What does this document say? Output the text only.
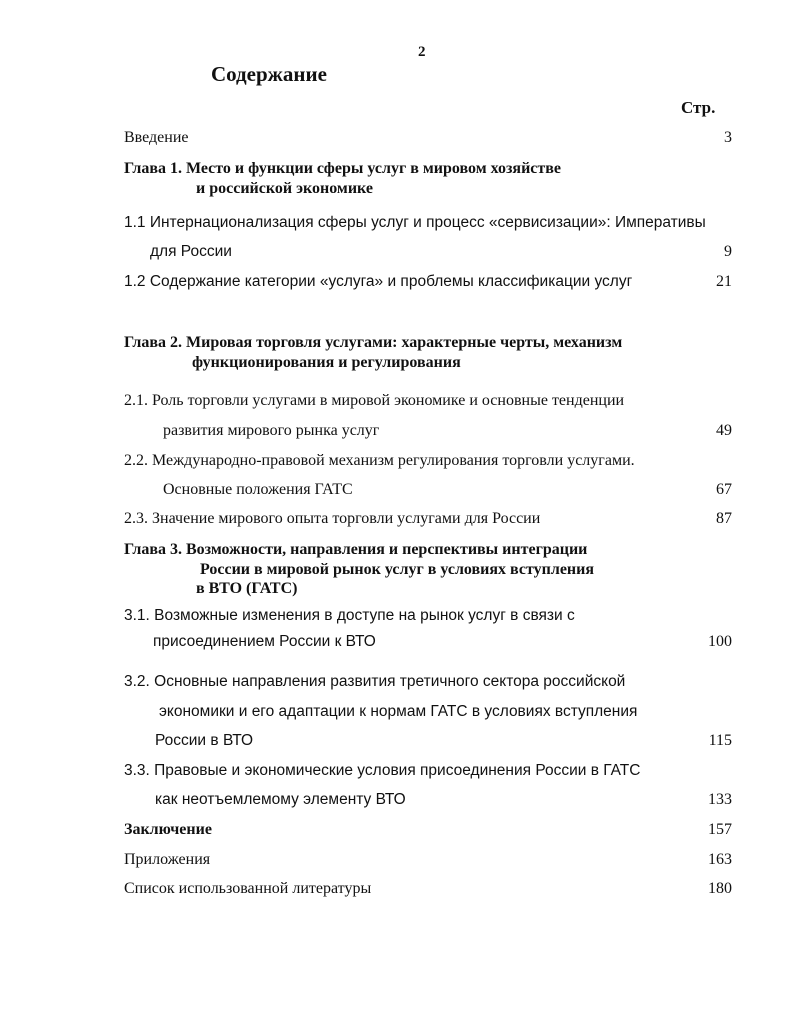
2
Содержание
Стр.
Введение	3
Глава 1. Место и функции сферы услуг в мировом хозяйстве
и российской экономике
1.1 Интернационализация сферы услуг и процесс «сервисизации»: Императивы
для России	9
1.2 Содержание категории «услуга» и проблемы классификации услуг	21
Глава 2. Мировая торговля услугами: характерные черты, механизм
функционирования и регулирования
2.1. Роль торговли услугами в мировой экономике и основные тенденции
развития мирового рынка услуг	49
2.2. Международно-правовой механизм регулирования торговли услугами.
Основные положения ГАТС	67
2.3. Значение мирового опыта торговли услугами для России	87
Глава 3. Возможности, направления и перспективы интеграции
России в мировой рынок услуг в условиях вступления
в ВТО (ГАТС)
3.1. Возможные изменения в доступе на рынок услуг в связи с
присоединением России к ВТО	100
3.2. Основные направления развития третичного сектора российской
экономики и его адаптации к нормам ГАТС в условиях вступления
России в ВТО	115
3.3. Правовые и экономические условия присоединения России в ГАТС
как неотъемлемому элементу ВТО	133
Заключение	157
Приложения	163
Список использованной литературы	180
